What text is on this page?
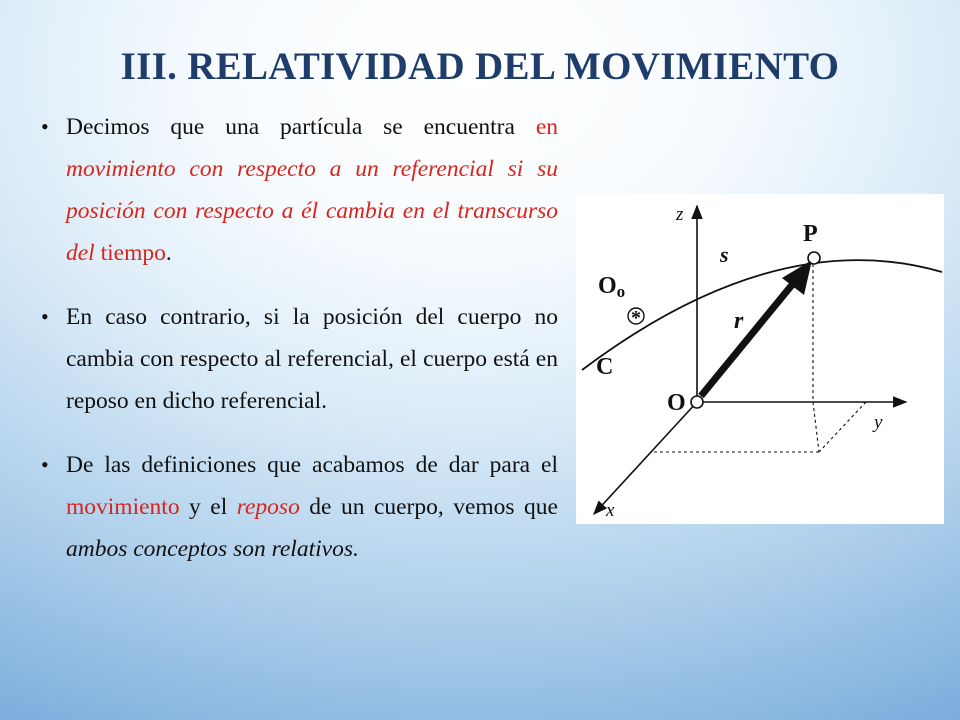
III. RELATIVIDAD DEL MOVIMIENTO

• Decimos que una partícula se encuentra en movimiento con respecto a un referencial si su posición con respecto a él cambia en el transcurso del tiempo.

• En caso contrario, si la posición del cuerpo no cambia con respecto al referencial, el cuerpo está en reposo en dicho referencial.

• De las definiciones que acabamos de dar para el movimiento y el reposo de un cuerpo, vemos que ambos conceptos son relativos.

*
z
y
x
P
s
r
Oo
C
O
